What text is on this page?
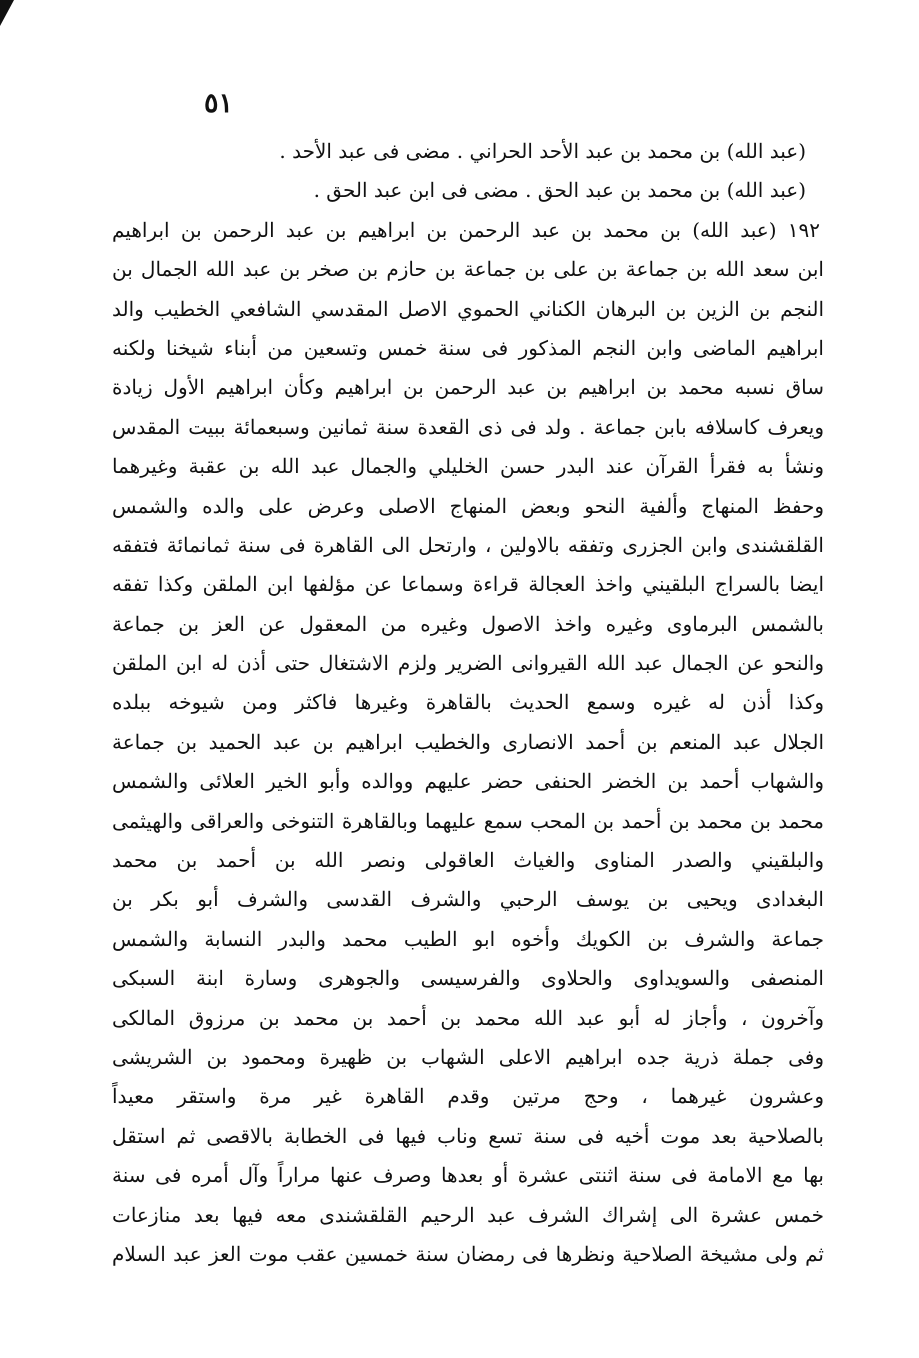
٥١
(عبد الله) بن محمد بن عبد الأحد الحراني . مضى فى عبد الأحد .
(عبد الله) بن محمد بن عبد الحق . مضى فى ابن عبد الحق .
١٩٢ (عبد الله) بن محمد بن عبد الرحمن بن ابراهيم بن عبد الرحمن بن ابراهيم
ابن سعد الله بن جماعة بن على بن جماعة بن حازم بن صخر بن عبد الله الجمال بن
النجم بن الزين بن البرهان الكناني الحموي الاصل المقدسي الشافعي الخطيب والد
ابراهيم الماضى وابن النجم المذكور فى سنة خمس وتسعين من أبناء شيخنا ولكنه
ساق نسبه محمد بن ابراهيم بن عبد الرحمن بن ابراهيم وكأن ابراهيم الأول زيادة
ويعرف كاسلافه بابن جماعة . ولد فى ذى القعدة سنة ثمانين وسبعمائة ببيت المقدس
ونشأ به فقرأ القرآن عند البدر حسن الخليلي والجمال عبد الله بن عقبة وغيرهما
وحفظ المنهاج وألفية النحو وبعض المنهاج الاصلى وعرض على والده والشمس
القلقشندى وابن الجزرى وتفقه بالاولين ، وارتحل الى القاهرة فى سنة ثمانمائة فتفقه
ايضا بالسراج البلقيني واخذ العجالة قراءة وسماعا عن مؤلفها ابن الملقن وكذا تفقه
بالشمس البرماوى وغيره واخذ الاصول وغيره من المعقول عن العز بن جماعة
والنحو عن الجمال عبد الله القيروانى الضرير ولزم الاشتغال حتى أذن له ابن الملقن
وكذا أذن له غيره وسمع الحديث بالقاهرة وغيرها فاكثر ومن شيوخه ببلده
الجلال عبد المنعم بن أحمد الانصارى والخطيب ابراهيم بن عبد الحميد بن جماعة
والشهاب أحمد بن الخضر الحنفى حضر عليهم ووالده وأبو الخير العلائى والشمس
محمد بن محمد بن أحمد بن المحب سمع عليهما وبالقاهرة التنوخى والعراقى والهيثمى
والبلقيني والصدر المناوى والغياث العاقولى ونصر الله بن أحمد بن محمد
البغدادى ويحيى بن يوسف الرحبي والشرف القدسى والشرف أبو بكر بن
جماعة والشرف بن الكويك وأخوه ابو الطيب محمد والبدر النسابة والشمس
المنصفى والسويداوى والحلاوى والفرسيسى والجوهرى وسارة ابنة السبكى
وآخرون ، وأجاز له أبو عبد الله محمد بن أحمد بن محمد بن مرزوق المالكى
وفى جملة ذرية جده ابراهيم الاعلى الشهاب بن ظهيرة ومحمود بن الشريشى
وعشرون غيرهما ، وحج مرتين وقدم القاهرة غير مرة واستقر معيداً
بالصلاحية بعد موت أخيه فى سنة تسع وناب فيها فى الخطابة بالاقصى ثم استقل
بها مع الامامة فى سنة اثنتى عشرة أو بعدها وصرف عنها مراراً وآل أمره فى سنة
خمس عشرة الى إشراك الشرف عبد الرحيم القلقشندى معه فيها بعد منازعات
ثم ولى مشيخة الصلاحية ونظرها فى رمضان سنة خمسين عقب موت العز عبد السلام
